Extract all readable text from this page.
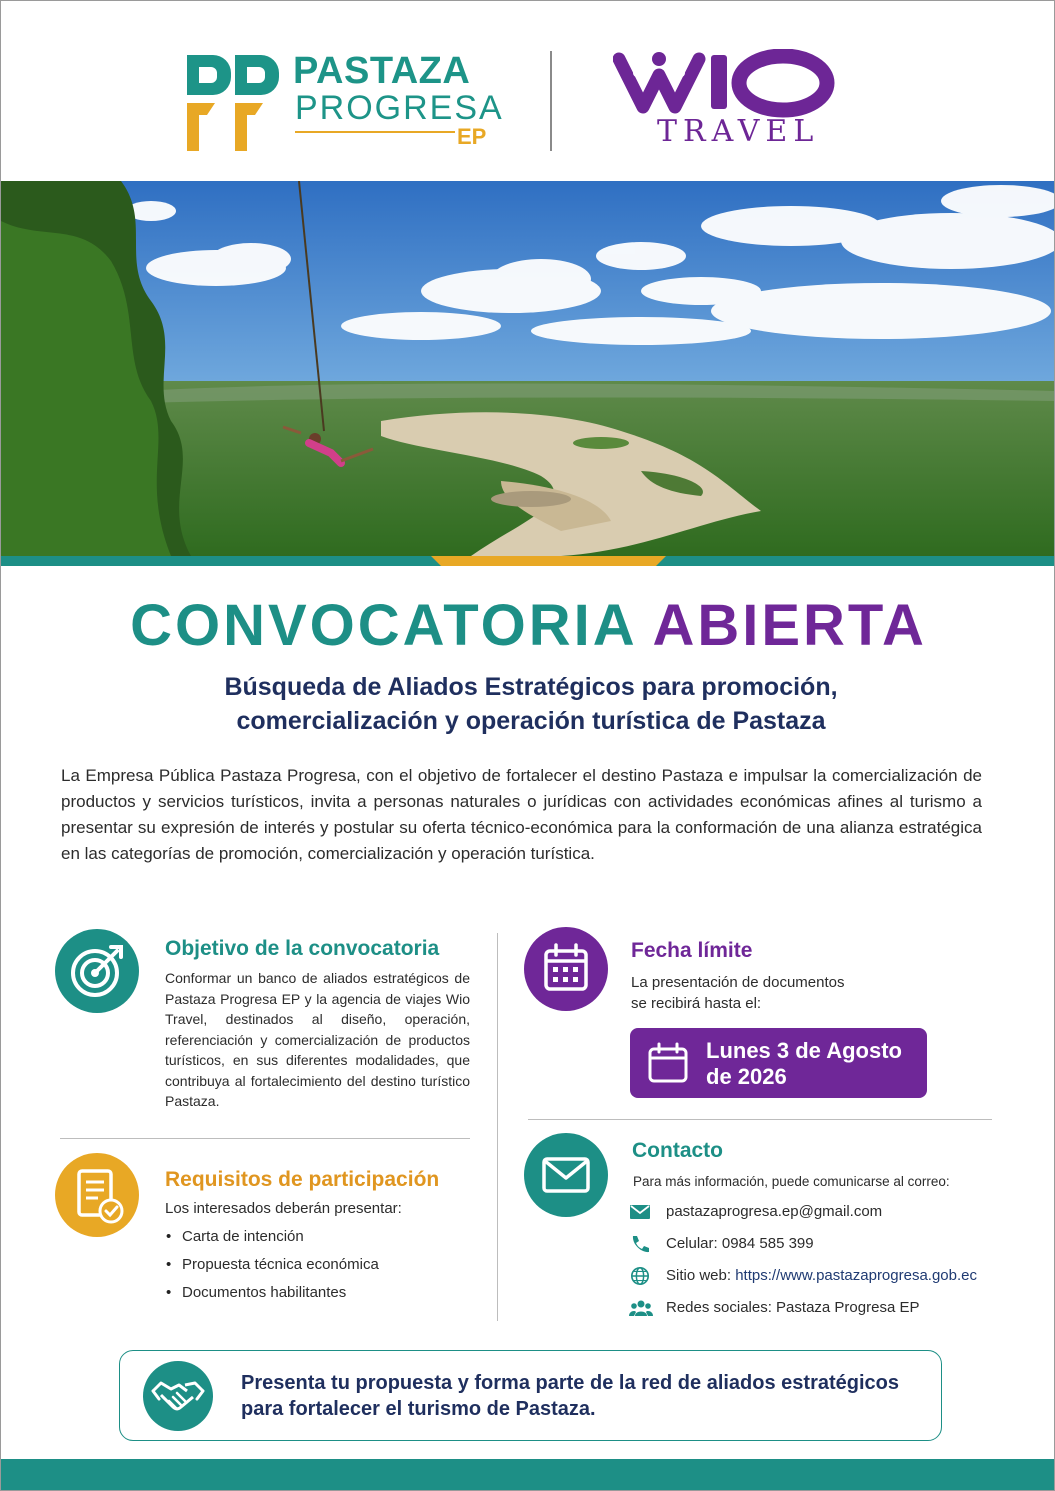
PASTAZA
PROGRESA
EP	TRAVEL
CONVOCATORIA ABIERTA
Búsqueda de Aliados Estratégicos para promoción,
comercialización y operación turística de Pastaza

La Empresa Pública Pastaza Progresa, con el objetivo de fortalecer el destino Pastaza e impulsar la comercialización de productos y servicios turísticos, invita a personas naturales o jurídicas con actividades económicas afines al turismo a presentar su expresión de interés y postular su oferta técnico-económica para la conformación de una alianza estratégica en las categorías de promoción, comercialización y operación turística.

Objetivo de la convocatoria

Conformar un banco de aliados estratégicos de Pastaza Progresa EP y la agencia de viajes Wio Travel, destinados al diseño, operación, referenciación y comercialización de productos turísticos, en sus diferentes modalidades, que contribuya al fortalecimiento del destino turístico Pastaza.

Requisitos de participación
Los interesados deberán presentar:
• Carta de intención
• Propuesta técnica económica
• Documentos habilitantes
Fecha límite
La presentación de documentos
se recibirá hasta el:
Lunes 3 de Agosto
de 2026
Contacto
Para más información, puede comunicarse al correo:
pastazaprogresa.ep@gmail.com
Celular: 0984 585 399
Sitio web: https://www.pastazaprogresa.gob.ec
Redes sociales: Pastaza Progresa EP
Presenta tu propuesta y forma parte de la red de aliados estratégicos
para fortalecer el turismo de Pastaza.
